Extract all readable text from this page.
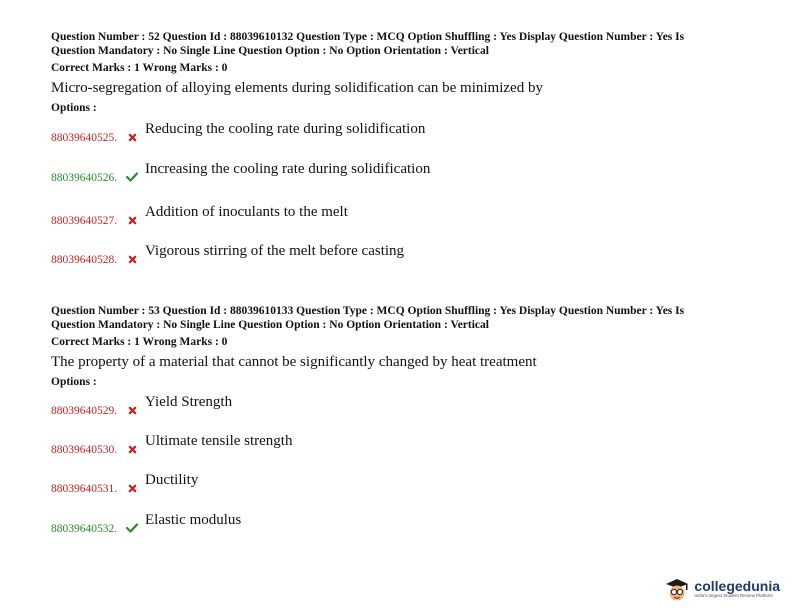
Question Number : 52 Question Id : 88039610132 Question Type : MCQ Option Shuffling : Yes Display Question Number : Yes Is
Question Mandatory : No Single Line Question Option : No Option Orientation : Vertical
Correct Marks : 1 Wrong Marks : 0
Micro-segregation of alloying elements during solidification can be minimized by
Options :
88039640525.
Reducing the cooling rate during solidification
88039640526.
Increasing the cooling rate during solidification
88039640527.
Addition of inoculants to the melt
88039640528.
Vigorous stirring of the melt before casting
Question Number : 53 Question Id : 88039610133 Question Type : MCQ Option Shuffling : Yes Display Question Number : Yes Is
Question Mandatory : No Single Line Question Option : No Option Orientation : Vertical
Correct Marks : 1 Wrong Marks : 0
The property of a material that cannot be significantly changed by heat treatment
Options :
88039640529.
Yield Strength
88039640530.
Ultimate tensile strength
88039640531.
Ductility
88039640532.
Elastic modulus
collegedunia
India's largest Student Review Platform
